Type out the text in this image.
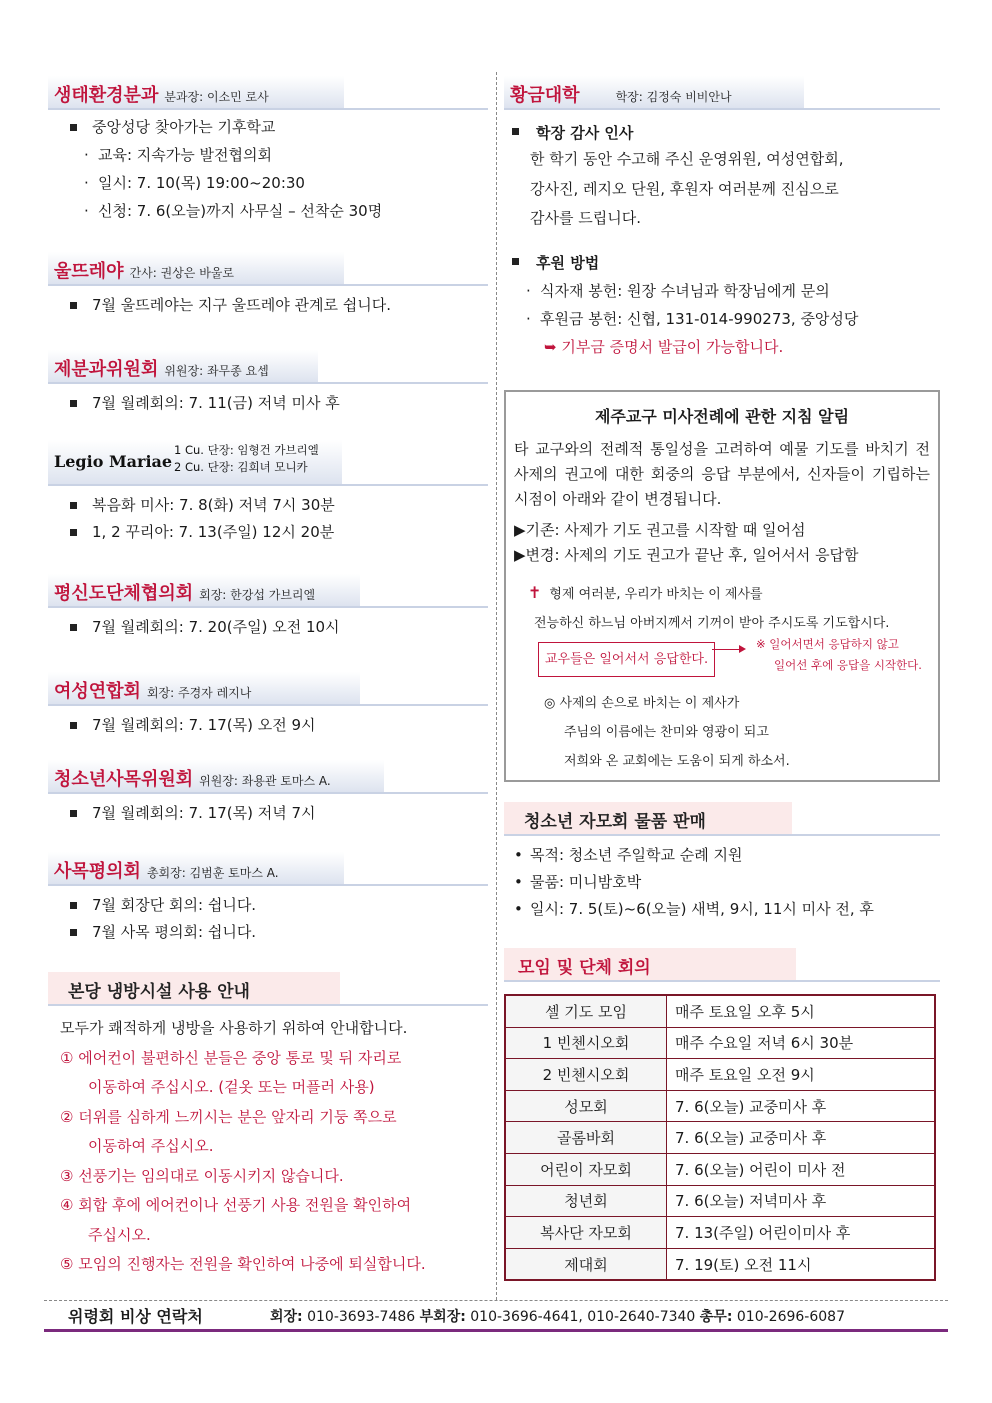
생태환경분과 분과장: 이소민 로사
중앙성당 찾아가는 기후학교
· 교육: 지속가능 발전협의회
· 일시: 7. 10(목) 19:00~20:30
· 신청: 7. 6(오늘)까지 사무실 – 선착순 30명
울뜨레야 간사: 권상은 바울로
7월 울뜨레야는 지구 울뜨레야 관계로 쉽니다.
제분과위원회 위원장: 좌무종 요셉
7월 월례회의: 7. 11(금) 저녁 미사 후
Legio Mariae
1 Cu. 단장: 임형건 가브리엘
2 Cu. 단장: 김희녀 모니카
복음화 미사: 7. 8(화) 저녁 7시 30분
1, 2 꾸리아: 7. 13(주일) 12시 20분
평신도단체협의회 회장: 한강섭 가브리엘
7월 월례회의: 7. 20(주일) 오전 10시
여성연합회 회장: 주경자 레지나
7월 월례회의: 7. 17(목) 오전 9시
청소년사목위원회 위원장: 좌용관 토마스 A.
7월 월례회의: 7. 17(목) 저녁 7시
사목평의회 총회장: 김범훈 토마스 A.
7월 회장단 회의: 쉽니다.
7월 사목 평의회: 쉽니다.
본당 냉방시설 사용 안내
모두가 쾌적하게 냉방을 사용하기 위하여 안내합니다.
① 에어컨이 불편하신 분들은 중앙 통로 및 뒤 자리로
이동하여 주십시오. (겉옷 또는 머플러 사용)
② 더위를 심하게 느끼시는 분은 앞자리 기둥 쪽으로
이동하여 주십시오.
③ 선풍기는 임의대로 이동시키지 않습니다.
④ 회합 후에 에어컨이나 선풍기 사용 전원을 확인하여
주십시오.
⑤ 모임의 진행자는 전원을 확인하여 나중에 퇴실합니다.
황금대학	학장: 김정숙 비비안나
학장 감사 인사
한 학기 동안 수고해 주신 운영위원, 여성연합회,
강사진, 레지오 단원, 후원자 여러분께 진심으로
감사를 드립니다.
후원 방법
· 식자재 봉헌: 원장 수녀님과 학장님에게 문의
· 후원금 봉헌: 신협, 131-014-990273, 중앙성당
➥ 기부금 증명서 발급이 가능합니다.
제주교구 미사전례에 관한 지침 알림
타 교구와의 전례적 통일성을 고려하여 예물 기도를 바치기 전 사제의 권고에 대한 회중의 응답 부분에서, 신자들이 기립하는 시점이 아래와 같이 변경됩니다.
▶기존: 사제가 기도 권고를 시작할 때 일어섬
▶변경: 사제의 기도 권고가 끝난 후, 일어서서 응답함
✝ 형제 여러분, 우리가 바치는 이 제사를
전능하신 하느님 아버지께서 기꺼이 받아 주시도록 기도합시다.
교우들은 일어서서 응답한다.
◎ 사제의 손으로 바치는 이 제사가
주님의 이름에는 찬미와 영광이 되고
저희와 온 교회에는 도움이 되게 하소서.
※ 일어서면서 응답하지 않고
일어선 후에 응답을 시작한다.
청소년 자모회 물품 판매
• 목적: 청소년 주일학교 순례 지원
• 물품: 미니밤호박
• 일시: 7. 5(토)~6(오늘) 새벽, 9시, 11시 미사 전, 후
모임 및 단체 회의
셀 기도 모임	매주 토요일 오후 5시
1 빈첸시오회	매주 수요일 저녁 6시 30분
2 빈첸시오회	매주 토요일 오전 9시
성모회	7. 6(오늘) 교중미사 후
골롬바회	7. 6(오늘) 교중미사 후
어린이 자모회	7. 6(오늘) 어린이 미사 전
청년회	7. 6(오늘) 저녁미사 후
복사단 자모회	7. 13(주일) 어린이미사 후
제대회	7. 19(토) 오전 11시
위령회 비상 연락처	회장: 010-3693-7486 부회장: 010-3696-4641, 010-2640-7340 총무: 010-2696-6087
